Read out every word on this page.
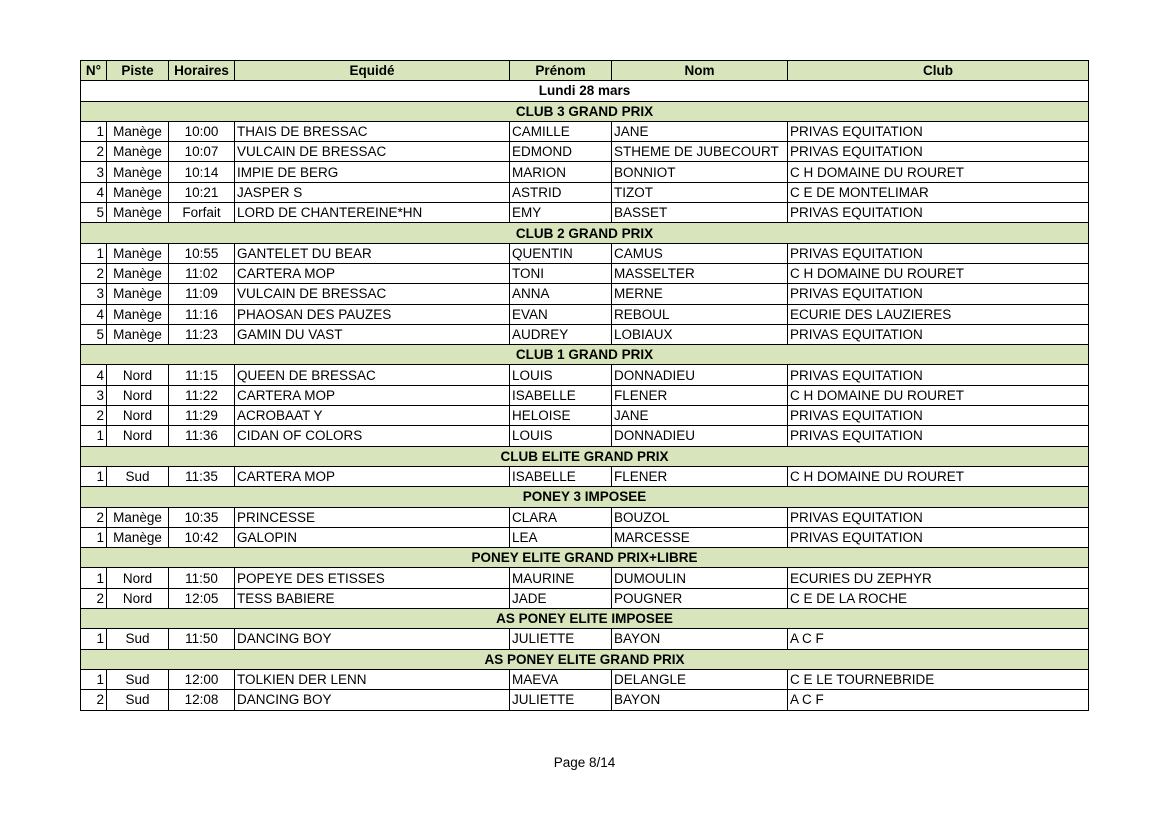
N°	Piste	Horaires	Equidé	Prénom	Nom	Club
Lundi 28 mars						
CLUB 3 GRAND PRIX						
1	Manège	10:00	THAIS DE BRESSAC	CAMILLE	JANE	PRIVAS EQUITATION
2	Manège	10:07	VULCAIN DE BRESSAC	EDMOND	STHEME DE JUBECOURT	PRIVAS EQUITATION
3	Manège	10:14	IMPIE DE BERG	MARION	BONNIOT	C H DOMAINE DU ROURET
4	Manège	10:21	JASPER S	ASTRID	TIZOT	C E DE MONTELIMAR
5	Manège	Forfait	LORD DE CHANTEREINE*HN	EMY	BASSET	PRIVAS EQUITATION
CLUB 2 GRAND PRIX						
1	Manège	10:55	GANTELET DU BEAR	QUENTIN	CAMUS	PRIVAS EQUITATION
2	Manège	11:02	CARTERA MOP	TONI	MASSELTER	C H DOMAINE DU ROURET
3	Manège	11:09	VULCAIN DE BRESSAC	ANNA	MERNE	PRIVAS EQUITATION
4	Manège	11:16	PHAOSAN DES PAUZES	EVAN	REBOUL	ECURIE DES LAUZIERES
5	Manège	11:23	GAMIN DU VAST	AUDREY	LOBIAUX	PRIVAS EQUITATION
CLUB 1 GRAND PRIX						
4	Nord	11:15	QUEEN DE BRESSAC	LOUIS	DONNADIEU	PRIVAS EQUITATION
3	Nord	11:22	CARTERA MOP	ISABELLE	FLENER	C H DOMAINE DU ROURET
2	Nord	11:29	ACROBAAT Y	HELOISE	JANE	PRIVAS EQUITATION
1	Nord	11:36	CIDAN OF COLORS	LOUIS	DONNADIEU	PRIVAS EQUITATION
CLUB ELITE GRAND PRIX						
1	Sud	11:35	CARTERA MOP	ISABELLE	FLENER	C H DOMAINE DU ROURET
PONEY 3 IMPOSEE						
2	Manège	10:35	PRINCESSE	CLARA	BOUZOL	PRIVAS EQUITATION
1	Manège	10:42	GALOPIN	LEA	MARCESSE	PRIVAS EQUITATION
PONEY ELITE GRAND PRIX+LIBRE						
1	Nord	11:50	POPEYE DES ETISSES	MAURINE	DUMOULIN	ECURIES DU ZEPHYR
2	Nord	12:05	TESS BABIERE	JADE	POUGNER	C E DE LA ROCHE
AS PONEY ELITE IMPOSEE						
1	Sud	11:50	DANCING BOY	JULIETTE	BAYON	A C F
AS PONEY ELITE GRAND PRIX						
1	Sud	12:00	TOLKIEN DER LENN	MAEVA	DELANGLE	C E LE TOURNEBRIDE
2	Sud	12:08	DANCING BOY	JULIETTE	BAYON	A C F
Page 8/14
